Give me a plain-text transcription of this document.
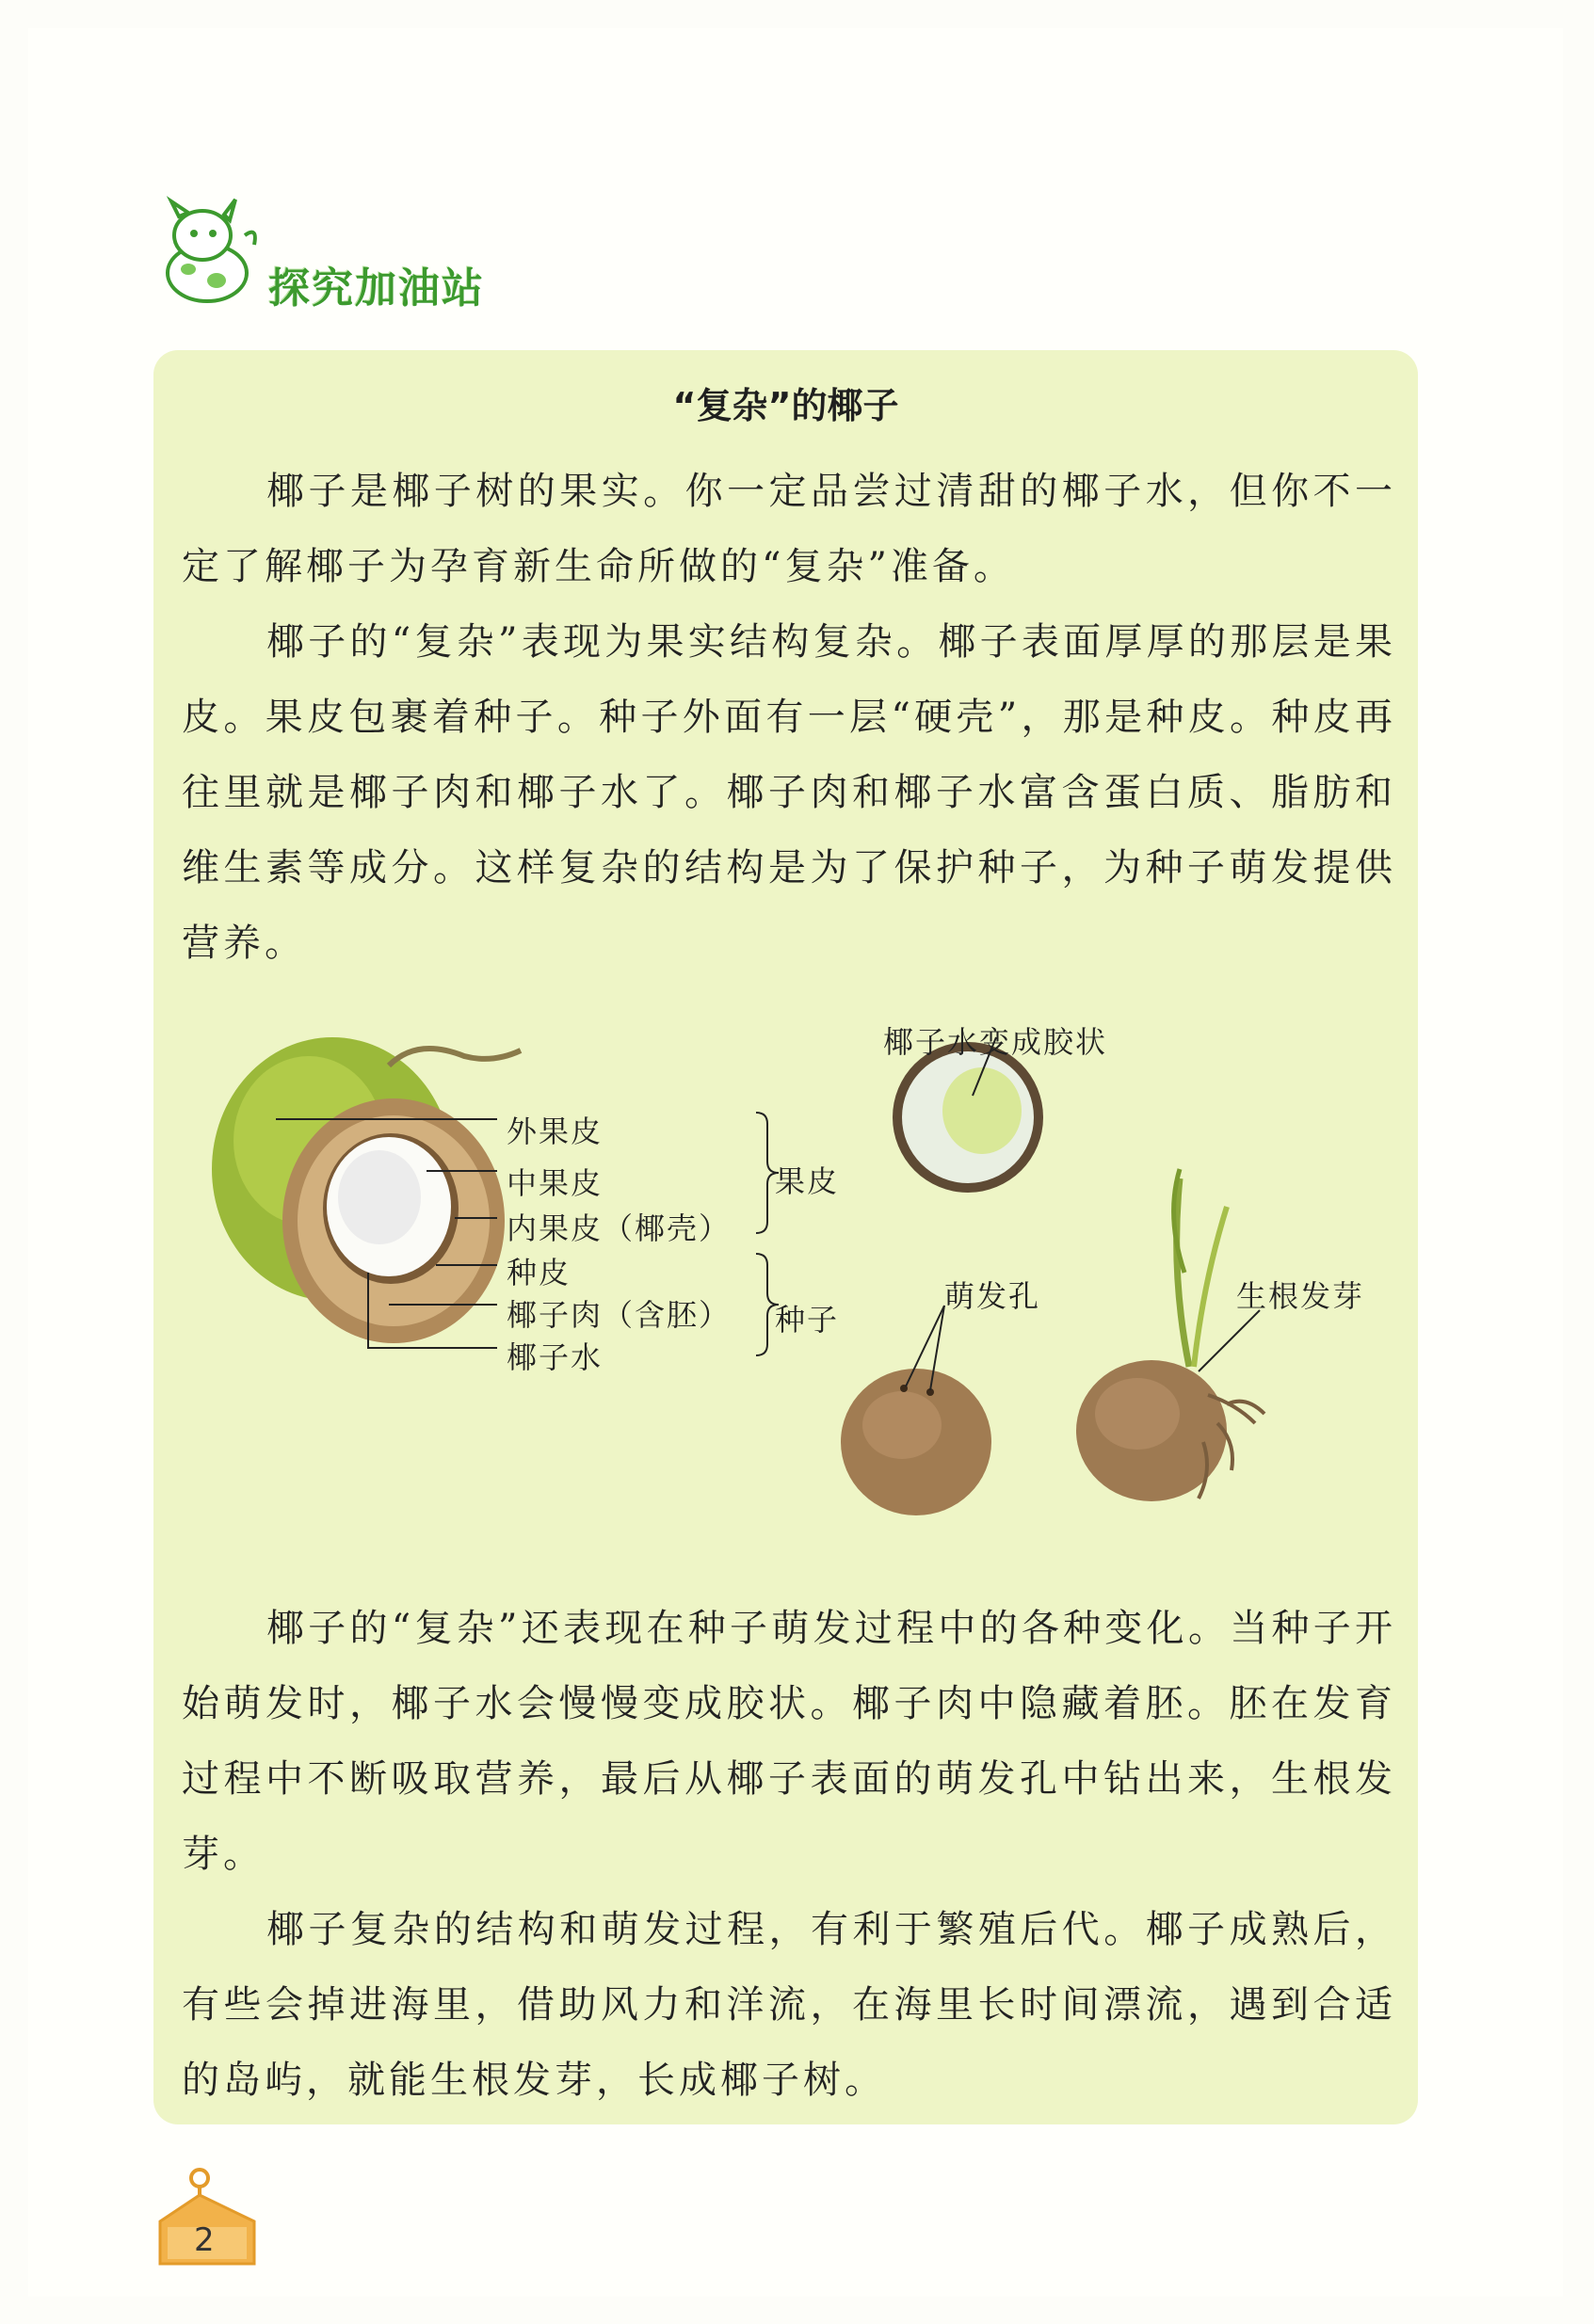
探究加油站
“复杂”的椰子

椰子是椰子树的果实。你一定品尝过清甜的椰子水，但你不一定了解椰子为孕育新生命所做的“复杂”准备。

椰子的“复杂”表现为果实结构复杂。椰子表面厚厚的那层是果皮。果皮包裹着种子。种子外面有一层“硬壳”，那是种皮。种皮再往里就是椰子肉和椰子水了。椰子肉和椰子水富含蛋白质、脂肪和维生素等成分。这样复杂的结构是为了保护种子，为种子萌发提供营养。

外果皮
中果皮
内果皮（椰壳）
种皮
椰子肉（含胚）
椰子水
果皮
种子
椰子水变成胶状
萌发孔	生根发芽

椰子的“复杂”还表现在种子萌发过程中的各种变化。当种子开始萌发时，椰子水会慢慢变成胶状。椰子肉中隐藏着胚。胚在发育过程中不断吸取营养，最后从椰子表面的萌发孔中钻出来，生根发芽。

椰子复杂的结构和萌发过程，有利于繁殖后代。椰子成熟后，有些会掉进海里，借助风力和洋流，在海里长时间漂流，遇到合适的岛屿，就能生根发芽，长成椰子树。

2
